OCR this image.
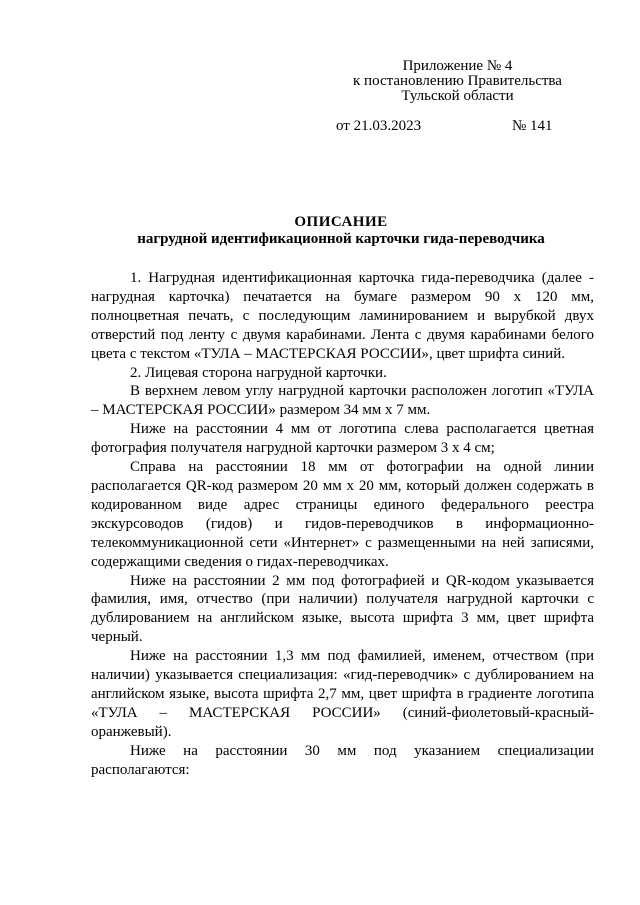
Приложение № 4
к постановлению Правительства
Тульской области
от 21.03.2023	№ 141
ОПИСАНИЕ
нагрудной идентификационной карточки гида-переводчика

1. Нагрудная идентификационная карточка гида-переводчика (далее - нагрудная карточка) печатается на бумаге размером 90 х 120 мм, полноцветная печать, с последующим ламинированием и вырубкой двух отверстий под ленту с двумя карабинами. Лента с двумя карабинами белого цвета с текстом «ТУЛА – МАСТЕРСКАЯ РОССИИ», цвет шрифта синий.

2. Лицевая сторона нагрудной карточки.

В верхнем левом углу нагрудной карточки расположен логотип «ТУЛА – МАСТЕРСКАЯ РОССИИ» размером 34 мм х 7 мм.

Ниже на расстоянии 4 мм от логотипа слева располагается цветная фотография получателя нагрудной карточки размером 3 х 4 см;

Справа на расстоянии 18 мм от фотографии на одной линии располагается QR-код размером 20 мм х 20 мм, который должен содержать в кодированном виде адрес страницы единого федерального реестра экскурсоводов (гидов) и гидов-переводчиков в информационно-телекоммуникационной сети «Интернет» с размещенными на ней записями, содержащими сведения о гидах-переводчиках.

Ниже на расстоянии 2 мм под фотографией и QR-кодом указывается фамилия, имя, отчество (при наличии) получателя нагрудной карточки с дублированием на английском языке, высота шрифта 3 мм, цвет шрифта черный.

Ниже на расстоянии 1,3 мм под фамилией, именем, отчеством (при наличии) указывается специализация: «гид-переводчик» с дублированием на английском языке, высота шрифта 2,7 мм, цвет шрифта в градиенте логотипа «ТУЛА – МАСТЕРСКАЯ РОССИИ» (синий-фиолетовый-красный-оранжевый).

Ниже на расстоянии 30 мм под указанием специализации располагаются:
